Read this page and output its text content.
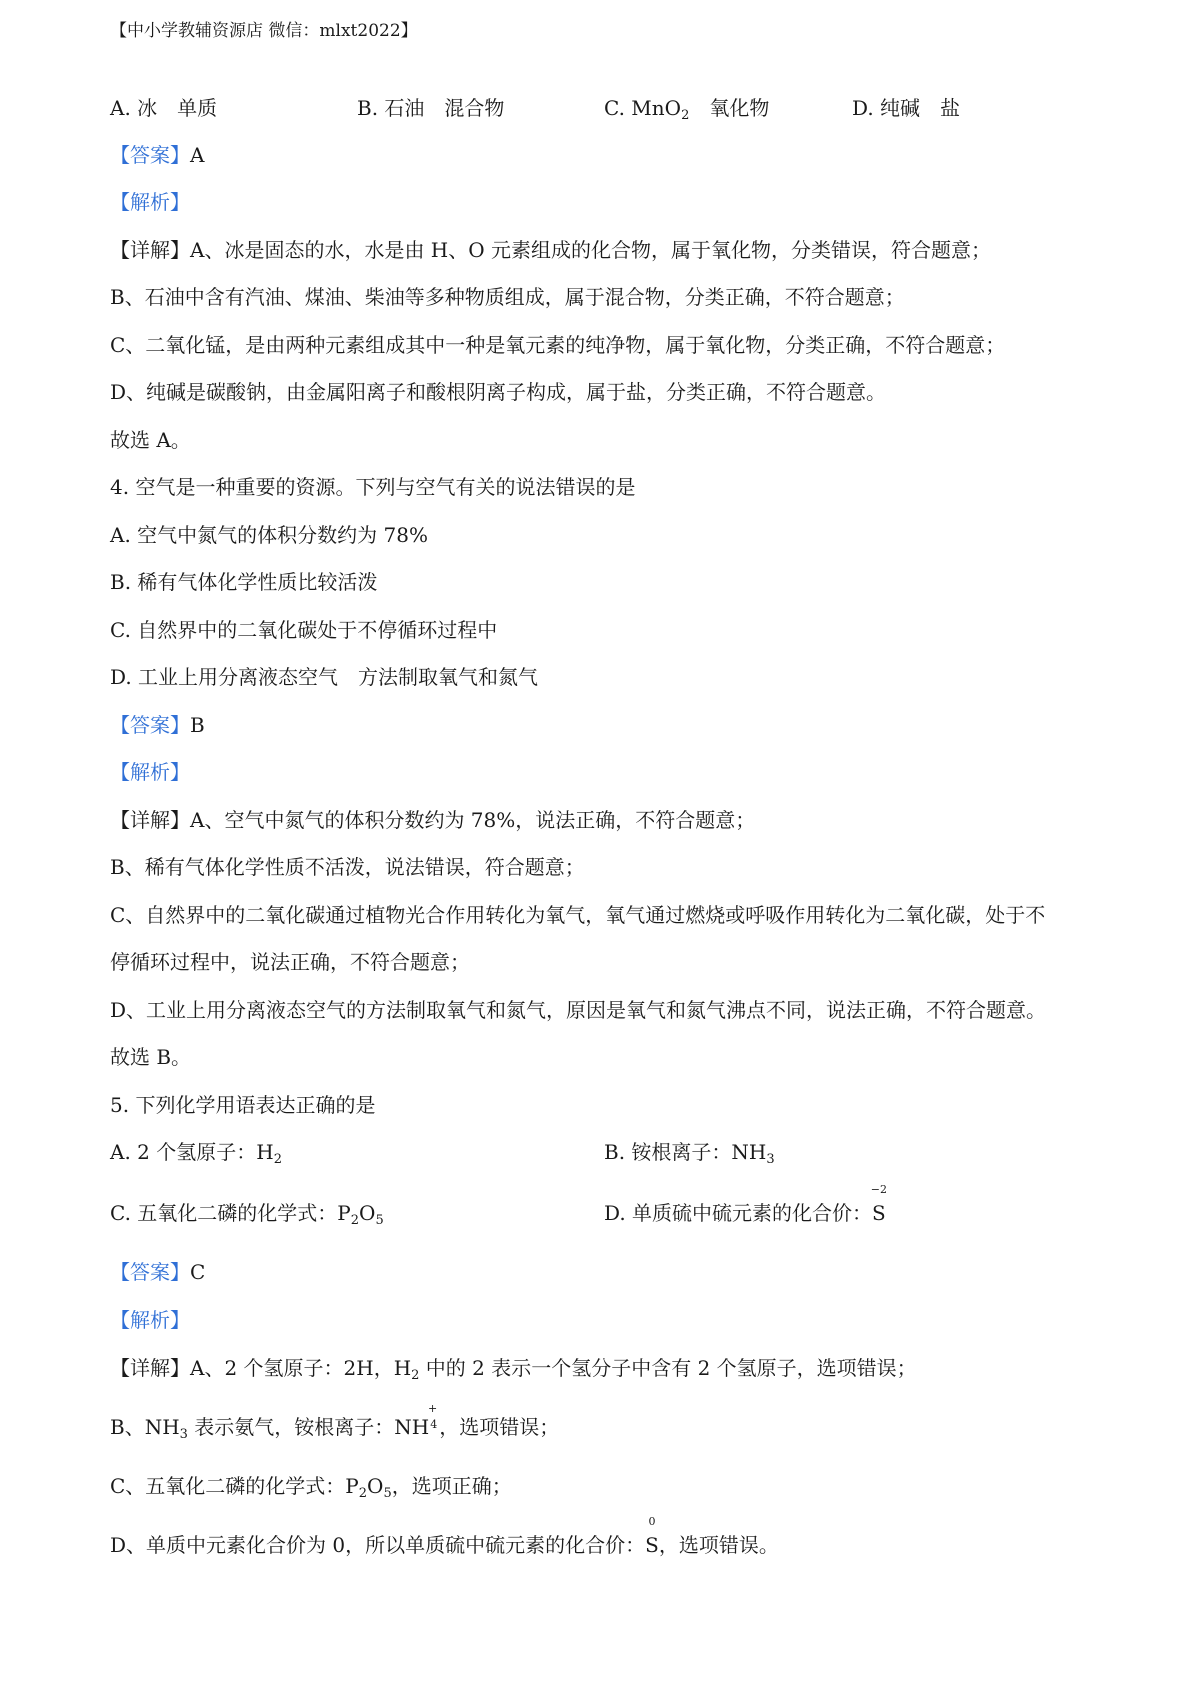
【中小学教辅资源店 微信：mlxt2022】
A. 冰　单质	B. 石油　混合物	C. MnO$_2$　氧化物	D. 纯碱　盐
【答案】A
【解析】
【详解】A、冰是固态的水，水是由 H、O 元素组成的化合物，属于氧化物，分类错误，符合题意；
B、石油中含有汽油、煤油、柴油等多种物质组成，属于混合物，分类正确，不符合题意；
C、二氧化锰，是由两种元素组成其中一种是氧元素的纯净物，属于氧化物，分类正确，不符合题意；
D、纯碱是碳酸钠，由金属阳离子和酸根阴离子构成，属于盐，分类正确，不符合题意。
故选 A。
4. 空气是一种重要的资源。下列与空气有关的说法错误的是
A. 空气中氮气的体积分数约为 78%
B. 稀有气体化学性质比较活泼
C. 自然界中的二氧化碳处于不停循环过程中
D. 工业上用分离液态空气　方法制取氧气和氮气
【答案】B
【解析】
【详解】A、空气中氮气的体积分数约为 78%，说法正确，不符合题意；
B、稀有气体化学性质不活泼，说法错误，符合题意；
C、自然界中的二氧化碳通过植物光合作用转化为氧气，氧气通过燃烧或呼吸作用转化为二氧化碳，处于不
停循环过程中，说法正确，不符合题意；
D、工业上用分离液态空气的方法制取氧气和氮气，原因是氧气和氮气沸点不同，说法正确，不符合题意。
故选 B。
5. 下列化学用语表达正确的是
A. 2 个氢原子：$H_2$	B. 铵根离子：$NH_3$
C. 五氧化二磷的化学式：$P_2O_5$	D. 单质硫中硫元素的化合价：
−2
S
【答案】C
【解析】
【详解】A、2 个氢原子：2H，$H_2$ 中的 2 表示一个氢分子中含有 2 个氢原子，选项错误；
B、$NH_3$ 表示氨气，铵根离子：NH
+
4 ，选项错误；
C、五氧化二磷的化学式：$P_2O_5$，选项正确；
D、单质中元素化合价为 0，所以单质硫中硫元素的化合价：
0
S，选项错误。
